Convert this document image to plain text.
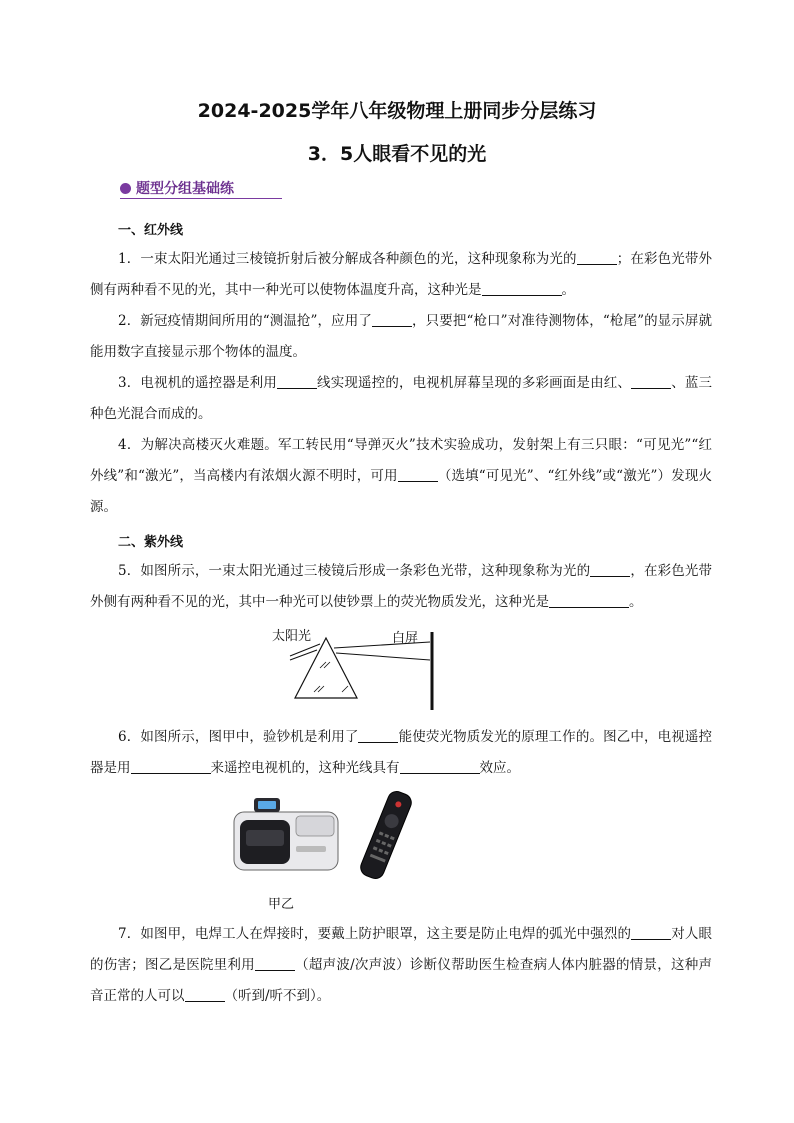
2024-2025学年八年级物理上册同步分层练习
3．5人眼看不见的光
题型分组基础练
一、红外线
1．一束太阳光通过三棱镜折射后被分解成各种颜色的光，这种现象称为光的	；在彩色光带外侧有两种看不见的光，其中一种光可以使物体温度升高，这种光是	。
2．新冠疫情期间所用的“测温抢”，应用了	，只要把“枪口”对准待测物体，“枪尾”的显示屏就能用数字直接显示那个物体的温度。
3．电视机的遥控器是利用	线实现遥控的，电视机屏幕呈现的多彩画面是由红、	、蓝三种色光混合而成的。
4．为解决高楼灭火难题。军工转民用“导弹灭火”技术实验成功，发射架上有三只眼：“可见光”“红外线”和“激光”，当高楼内有浓烟火源不明时，可用	（选填“可见光”、“红外线”或“激光”）发现火源。
二、紫外线
5．如图所示，一束太阳光通过三棱镜后形成一条彩色光带，这种现象称为光的	，在彩色光带外侧有两种看不见的光，其中一种光可以使钞票上的荧光物质发光，这种光是	。
太阳光	白屏
6．如图所示，图甲中，验钞机是利用了	能使荧光物质发光的原理工作的。图乙中，电视遥控器是用	来遥控电视机的，这种光线具有	效应。
甲乙
7．如图甲，电焊工人在焊接时，要戴上防护眼罩，这主要是防止电焊的弧光中强烈的	对人眼的伤害；图乙是医院里利用	（超声波/次声波）诊断仪帮助医生检查病人体内脏器的情景，这种声音正常的人可以	（听到/听不到）。
